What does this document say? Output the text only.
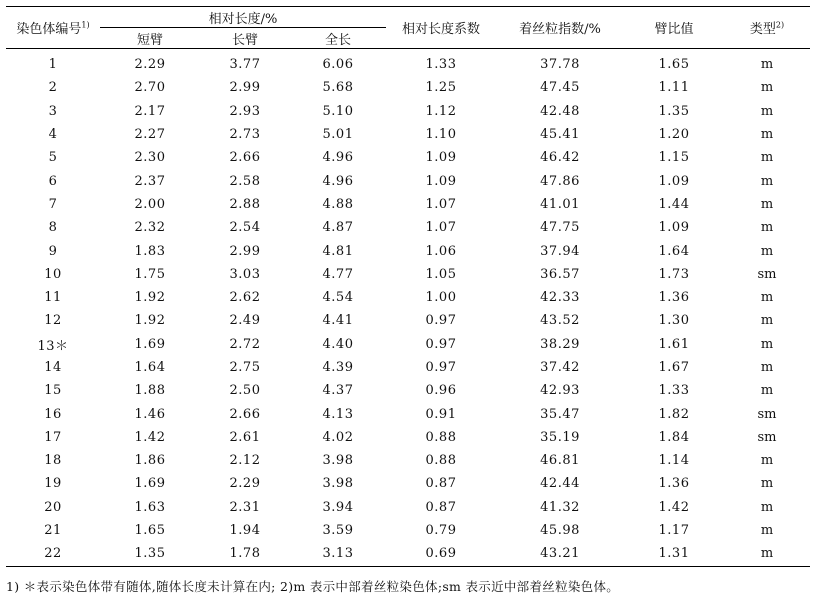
染色体编号$^{1)}$	相对长度/%			相对长度系数	着丝粒指数/%	臂比值	类型$^{2)}$
	短臂	长臂	全长				
1	2.29	3.77	6.06	1.33	37.78	1.65	m
2	2.70	2.99	5.68	1.25	47.45	1.11	m
3	2.17	2.93	5.10	1.12	42.48	1.35	m
4	2.27	2.73	5.01	1.10	45.41	1.20	m
5	2.30	2.66	4.96	1.09	46.42	1.15	m
6	2.37	2.58	4.96	1.09	47.86	1.09	m
7	2.00	2.88	4.88	1.07	41.01	1.44	m
8	2.32	2.54	4.87	1.07	47.75	1.09	m
9	1.83	2.99	4.81	1.06	37.94	1.64	m
10	1.75	3.03	4.77	1.05	36.57	1.73	sm
11	1.92	2.62	4.54	1.00	42.33	1.36	m
12	1.92	2.49	4.41	0.97	43.52	1.30	m
13＊	1.69	2.72	4.40	0.97	38.29	1.61	m
14	1.64	2.75	4.39	0.97	37.42	1.67	m
15	1.88	2.50	4.37	0.96	42.93	1.33	m
16	1.46	2.66	4.13	0.91	35.47	1.82	sm
17	1.42	2.61	4.02	0.88	35.19	1.84	sm
18	1.86	2.12	3.98	0.88	46.81	1.14	m
19	1.69	2.29	3.98	0.87	42.44	1.36	m
20	1.63	2.31	3.94	0.87	41.32	1.42	m
21	1.65	1.94	3.59	0.79	45.98	1.17	m
22	1.35	1.78	3.13	0.69	43.21	1.31	m
1) ＊表示染色体带有随体,随体长度未计算在内; 2)m 表示中部着丝粒染色体;sm 表示近中部着丝粒染色体。
